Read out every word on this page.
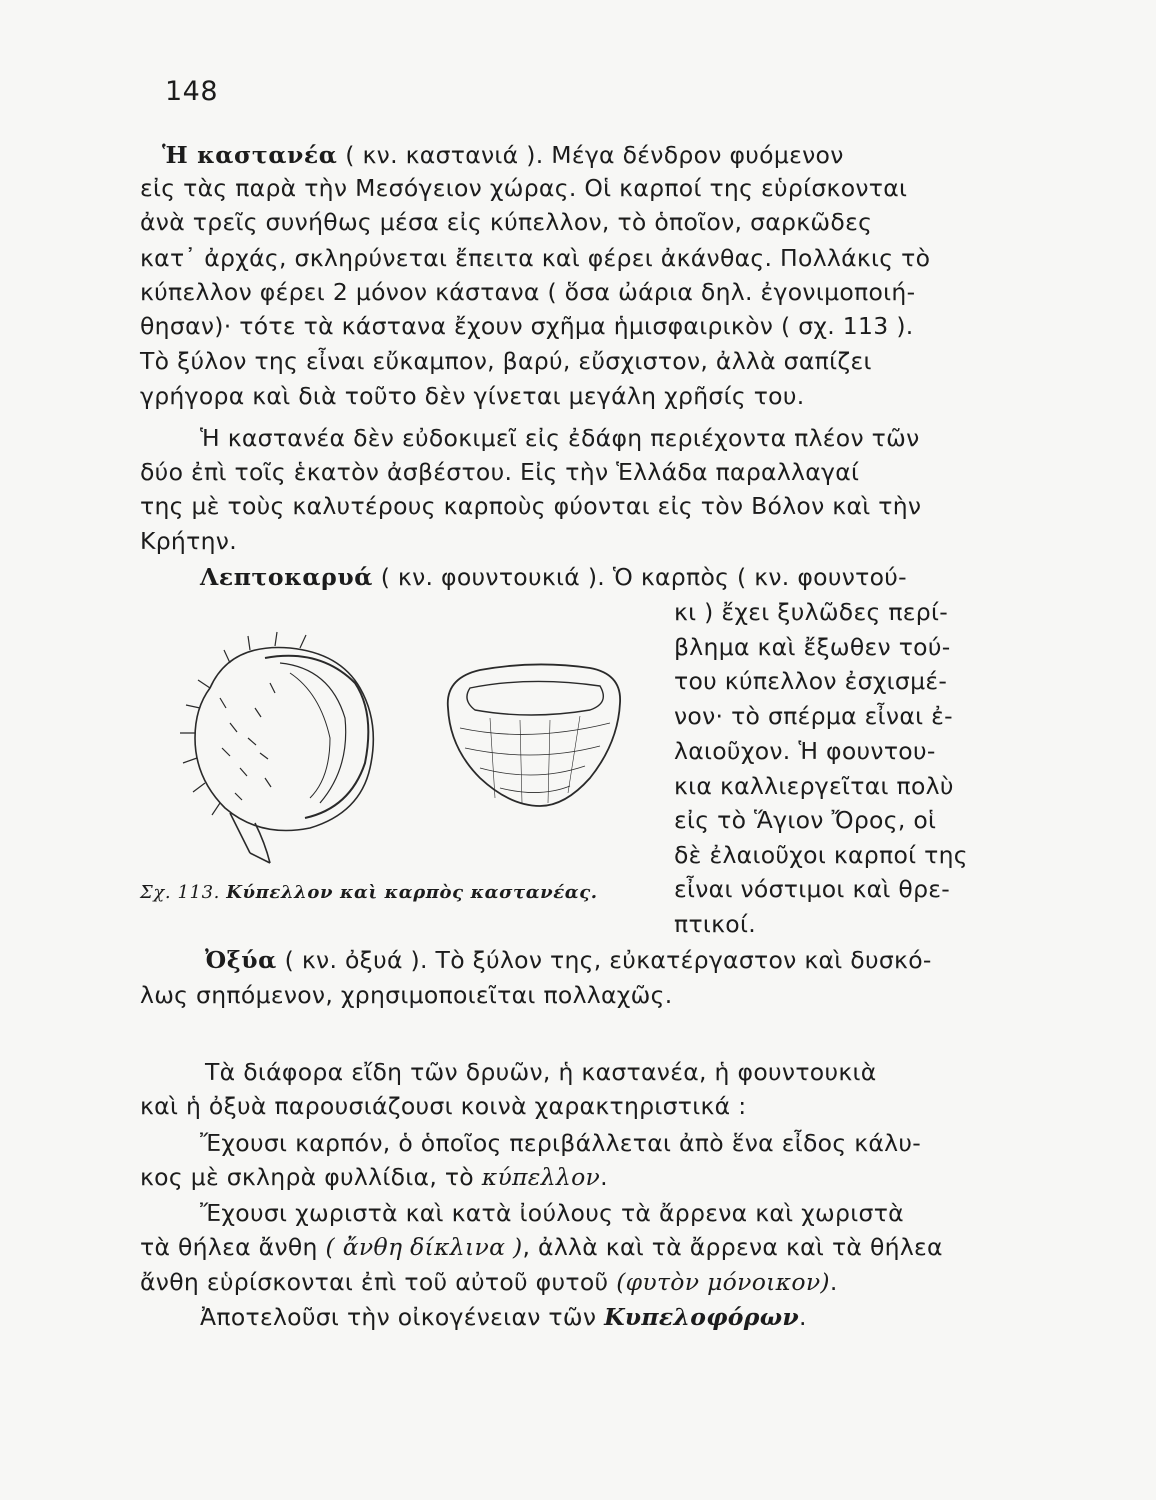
148
Ἡ καστανέα ( κν. καστανιά ). Μέγα δένδρον φυόμενον
εἰς τὰς παρὰ τὴν Μεσόγειον χώρας. Οἱ καρποί της εὑρίσκονται
ἀνὰ τρεῖς συνήθως μέσα εἰς κύπελλον, τὸ ὁποῖον, σαρκῶδες
κατ᾽ ἀρχάς, σκληρύνεται ἔπειτα καὶ φέρει ἀκάνθας. Πολλάκις τὸ
κύπελλον φέρει 2 μόνον κάστανα ( ὅσα ὠάρια δηλ. ἐγονιμοποιή-
θησαν)· τότε τὰ κάστανα ἔχουν σχῆμα ἡμισφαιρικὸν ( σχ. 113 ).
Τὸ ξύλον της εἶναι εὔκαμπον, βαρύ, εὔσχιστον, ἀλλὰ σαπίζει
γρήγορα καὶ διὰ τοῦτο δὲν γίνεται μεγάλη χρῆσίς του.
Ἡ καστανέα δὲν εὐδοκιμεῖ εἰς ἐδάφη περιέχοντα πλέον τῶν
δύο ἐπὶ τοῖς ἑκατὸν ἀσβέστου. Εἰς τὴν Ἑλλάδα παραλλαγαί
της μὲ τοὺς καλυτέρους καρποὺς φύονται εἰς τὸν Βόλον καὶ τὴν
Κρήτην.
Λεπτοκαρυά ( κν. φουντουκιά ). Ὁ καρπὸς ( κν. φουντού-
κι ) ἔχει ξυλῶδες περί-
βλημα καὶ ἔξωθεν τού-
του κύπελλον ἐσχισμέ-
νον· τὸ σπέρμα εἶναι ἐ-
λαιοῦχον. Ἡ φουντου-
κια καλλιεργεῖται πολὺ
εἰς τὸ Ἅγιον Ὄρος, οἱ
δὲ ἐλαιοῦχοι καρποί της
εἶναι νόστιμοι καὶ θρε-
πτικοί.
Σχ. 113. Κύπελλον καὶ καρπὸς καστανέας.
Ὀξύα ( κν. ὀξυά ). Τὸ ξύλον της, εὐκατέργαστον καὶ δυσκό-
λως σηπόμενον, χρησιμοποιεῖται πολλαχῶς.
Τὰ διάφορα εἴδη τῶν δρυῶν, ἡ καστανέα, ἡ φουντουκιὰ
καὶ ἡ ὀξυὰ παρουσιάζουσι κοινὰ χαρακτηριστικά :
Ἔχουσι καρπόν, ὁ ὁποῖος περιβάλλεται ἀπὸ ἕνα εἶδος κάλυ-
κος μὲ σκληρὰ φυλλίδια, τὸ κύπελλον.
Ἔχουσι χωριστὰ καὶ κατὰ ἰούλους τὰ ἄρρενα καὶ χωριστὰ
τὰ θήλεα ἄνθη ( ἄνθη δίκλινα ), ἀλλὰ καὶ τὰ ἄρρενα καὶ τὰ θήλεα
ἄνθη εὑρίσκονται ἐπὶ τοῦ αὐτοῦ φυτοῦ (φυτὸν μόνοικον).
Ἀποτελοῦσι τὴν οἰκογένειαν τῶν Κυπελοφόρων.
